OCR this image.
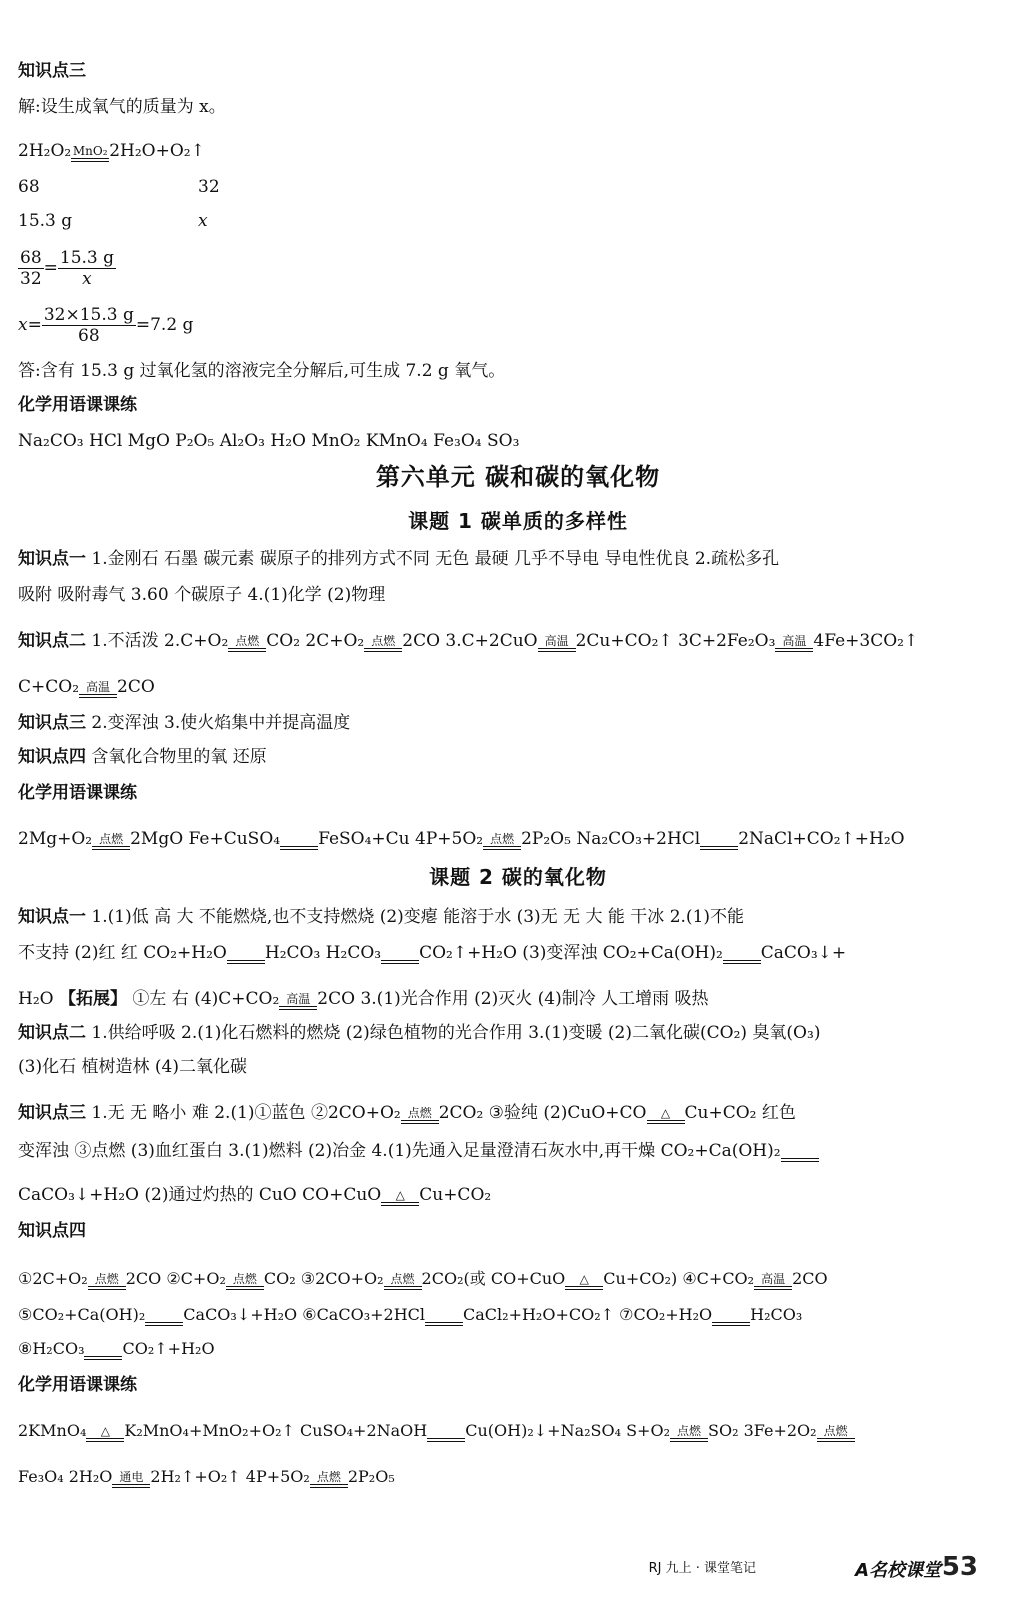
知识点三
解:设生成氧气的质量为 x。
2H₂O₂ MnO₂ 2H₂O+O₂↑
68	32
15.3 g	x
$\frac{68}{32} = \frac{15.3 g}{x}$
$x= \frac{32\times 15.3 g}{68} =7.2$ g
答:含有 15.3 g 过氧化氢的溶液完全分解后,可生成 7.2 g 氧气。
化学用语课课练
Na₂CO₃ HCl MgO P₂O₅ Al₂O₃ H₂O MnO₂ KMnO₄ Fe₃O₄ SO₃
第六单元 碳和碳的氧化物
课题 1 碳单质的多样性
知识点一 1.金刚石 石墨 碳元素 碳原子的排列方式不同 无色 最硬 几乎不导电 导电性优良 2.疏松多孔
吸附 吸附毒气 3.60 个碳原子 4.(1)化学 (2)物理
知识点二 1.不活泼 2.C+O₂ 点燃 CO₂ 2C+O₂ 点燃 2CO 3.C+2CuO 高温 2Cu+CO₂↑ 3C+2Fe₂O₃ 高温 4Fe+3CO₂↑
C+CO₂ 高温 2CO
知识点三 2.变浑浊 3.使火焰集中并提高温度
知识点四 含氧化合物里的氧 还原
化学用语课课练
2Mg+O₂ 点燃 2MgO Fe+CuSO₄
FeSO₄+Cu 4P+5O₂ 点燃 2P₂O₅ Na₂CO₃+2HCl
2NaCl+CO₂↑+H₂O
课题 2 碳的氧化物
知识点一 1.(1)低 高 大 不能燃烧,也不支持燃烧 (2)变瘪 能溶于水 (3)无 无 大 能 干冰 2.(1)不能
不支持 (2)红 红 CO₂+H₂O
H₂CO₃ H₂CO₃
CO₂↑+H₂O (3)变浑浊 CO₂+Ca(OH)₂
CaCO₃↓+
H₂O 【拓展】 ①左 右 (4)C+CO₂ 高温 2CO 3.(1)光合作用 (2)灭火 (4)制冷 人工增雨 吸热
知识点二 1.供给呼吸 2.(1)化石燃料的燃烧 (2)绿色植物的光合作用 3.(1)变暖 (2)二氧化碳(CO₂) 臭氧(O₃)
(3)化石 植树造林 (4)二氧化碳
知识点三 1.无 无 略小 难 2.(1)①蓝色 ②2CO+O₂ 点燃 2CO₂ ③验纯 (2)CuO+CO	△ Cu+CO₂ 红色
变浑浊 ③点燃 (3)血红蛋白 3.(1)燃料 (2)冶金 4.(1)先通入足量澄清石灰水中,再干燥 CO₂+Ca(OH)₂

CaCO₃↓+H₂O (2)通过灼热的 CuO CO+CuO	△ Cu+CO₂
知识点四
①2C+O₂ 点燃 2CO ②C+O₂ 点燃 CO₂ ③2CO+O₂ 点燃 2CO₂(或 CO+CuO	△ Cu+CO₂) ④C+CO₂ 高温 2CO
⑤CO₂+Ca(OH)₂
CaCO₃↓+H₂O ⑥CaCO₃+2HCl
CaCl₂+H₂O+CO₂↑ ⑦CO₂+H₂O
H₂CO₃
⑧H₂CO₃
CO₂↑+H₂O
化学用语课课练
2KMnO₄	△ K₂MnO₄+MnO₂+O₂↑ CuSO₄+2NaOH
Cu(OH)₂↓+Na₂SO₄ S+O₂ 点燃 SO₂ 3Fe+2O₂ 点燃
Fe₃O₄ 2H₂O 通电 2H₂↑+O₂↑ 4P+5O₂ 点燃 2P₂O₅
RJ 九上 · 课堂笔记	A名校课堂 53
